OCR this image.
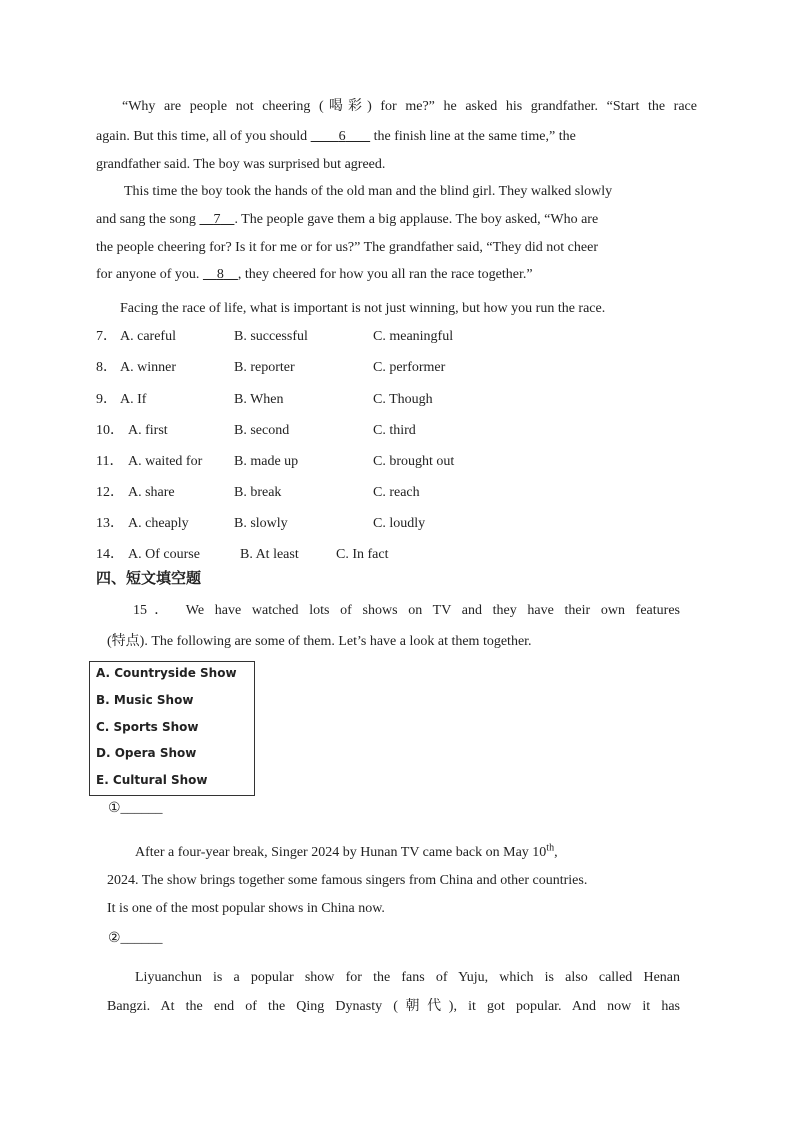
“Why are people not cheering (喝彩) for me?” he asked his grandfather. “Start the race
again. But this time, all of you should 6 the finish line at the same time,” the
grandfather said. The boy was surprised but agreed.
This time the boy took the hands of the old man and the blind girl. They walked slowly
and sang the song 7 . The people gave them a big applause. The boy asked, “Who are
the people cheering for? Is it for me or for us?” The grandfather said, “They did not cheer
for anyone of you. 8 , they cheered for how you all ran the race together.”
Facing the race of life, what is important is not just winning, but how you run the race.
7． A. careful	B. successful	C. meaningful
8． A. winner	B. reporter	C. performer
9． A. If	B. When	C. Though
10． A. first	B. second	C. third
11． A. waited for B. made up	C. brought out
12． A. share	B. break	C. reach
13． A. cheaply	B. slowly	C. loudly
14． A. Of course	B. At least	C. In fact
四、短文填空题
15． We have watched lots of shows on TV and they have their own features
(特点). The following are some of them. Let’s have a look at them together.
A. Countryside Show
B. Music Show
C. Sports Show
D. Opera Show
E. Cultural Show
①______
After a four-year break, Singer 2024 by Hunan TV came back on May 10th,
2024. The show brings together some famous singers from China and other countries.
It is one of the most popular shows in China now.
②______
Liyuanchun is a popular show for the fans of Yuju, which is also called Henan
Bangzi. At the end of the Qing Dynasty (朝代), it got popular. And now it has
